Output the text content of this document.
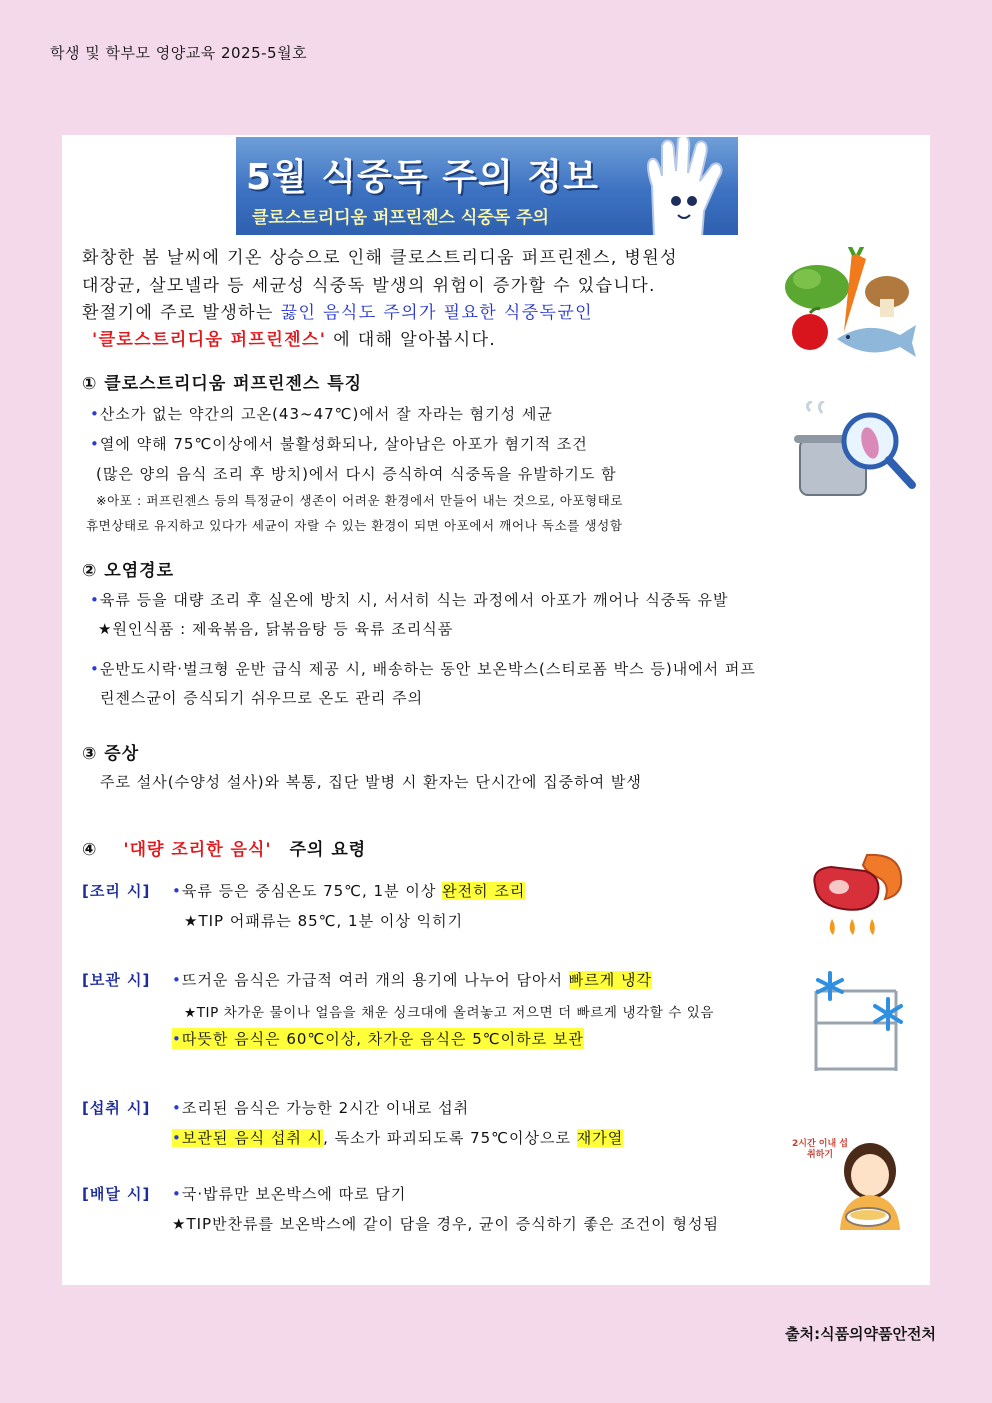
학생 및 학부모 영양교육 2025-5월호
5월 식중독 주의 정보
클로스트리디움 퍼프린젠스 식중독 주의
화창한 봄 날씨에 기온 상승으로 인해 클로스트리디움 퍼프린젠스, 병원성
대장균, 살모넬라 등 세균성 식중독 발생의 위험이 증가할 수 있습니다.
환절기에 주로 발생하는 끓인 음식도 주의가 필요한 식중독균인
'클로스트리디움 퍼프린젠스' 에 대해 알아봅시다.
① 클로스트리디움 퍼프린젠스 특징
•산소가 없는 약간의 고온(43~47℃)에서 잘 자라는 혐기성 세균
•열에 약해 75℃이상에서 불활성화되나, 살아남은 아포가 혐기적 조건
(많은 양의 음식 조리 후 방치)에서 다시 증식하여 식중독을 유발하기도 함
※아포 : 퍼프린젠스 등의 특정균이 생존이 어려운 환경에서 만들어 내는 것으로, 아포형태로
휴면상태로 유지하고 있다가 세균이 자랄 수 있는 환경이 되면 아포에서 깨어나 독소를 생성함
② 오염경로
•육류 등을 대량 조리 후 실온에 방치 시, 서서히 식는 과정에서 아포가 깨어나 식중독 유발
★원인식품 : 제육볶음, 닭볶음탕 등 육류 조리식품
•운반도시락·벌크형 운반 급식 제공 시, 배송하는 동안 보온박스(스티로폼 박스 등)내에서 퍼프
린젠스균이 증식되기 쉬우므로 온도 관리 주의
③ 증상
주로 설사(수양성 설사)와 복통, 집단 발병 시 환자는 단시간에 집중하여 발생
④ '대량 조리한 음식' 주의 요령
[조리 시] •육류 등은 중심온도 75℃, 1분 이상 완전히 조리
★TIP 어패류는 85℃, 1분 이상 익히기
[보관 시] •뜨거운 음식은 가급적 여러 개의 용기에 나누어 담아서 빠르게 냉각
★TIP 차가운 물이나 얼음을 채운 싱크대에 올려놓고 저으면 더 빠르게 냉각할 수 있음
•따뜻한 음식은 60℃이상, 차가운 음식은 5℃이하로 보관
[섭취 시] •조리된 음식은 가능한 2시간 이내로 섭취
•보관된 음식 섭취 시, 독소가 파괴되도록 75℃이상으로 재가열
[배달 시] •국·밥류만 보온박스에 따로 담기
★TIP반찬류를 보온박스에 같이 담을 경우, 균이 증식하기 좋은 조건이 형성됨
2시간 이내 섭취하기
출처:식품의약품안전처
